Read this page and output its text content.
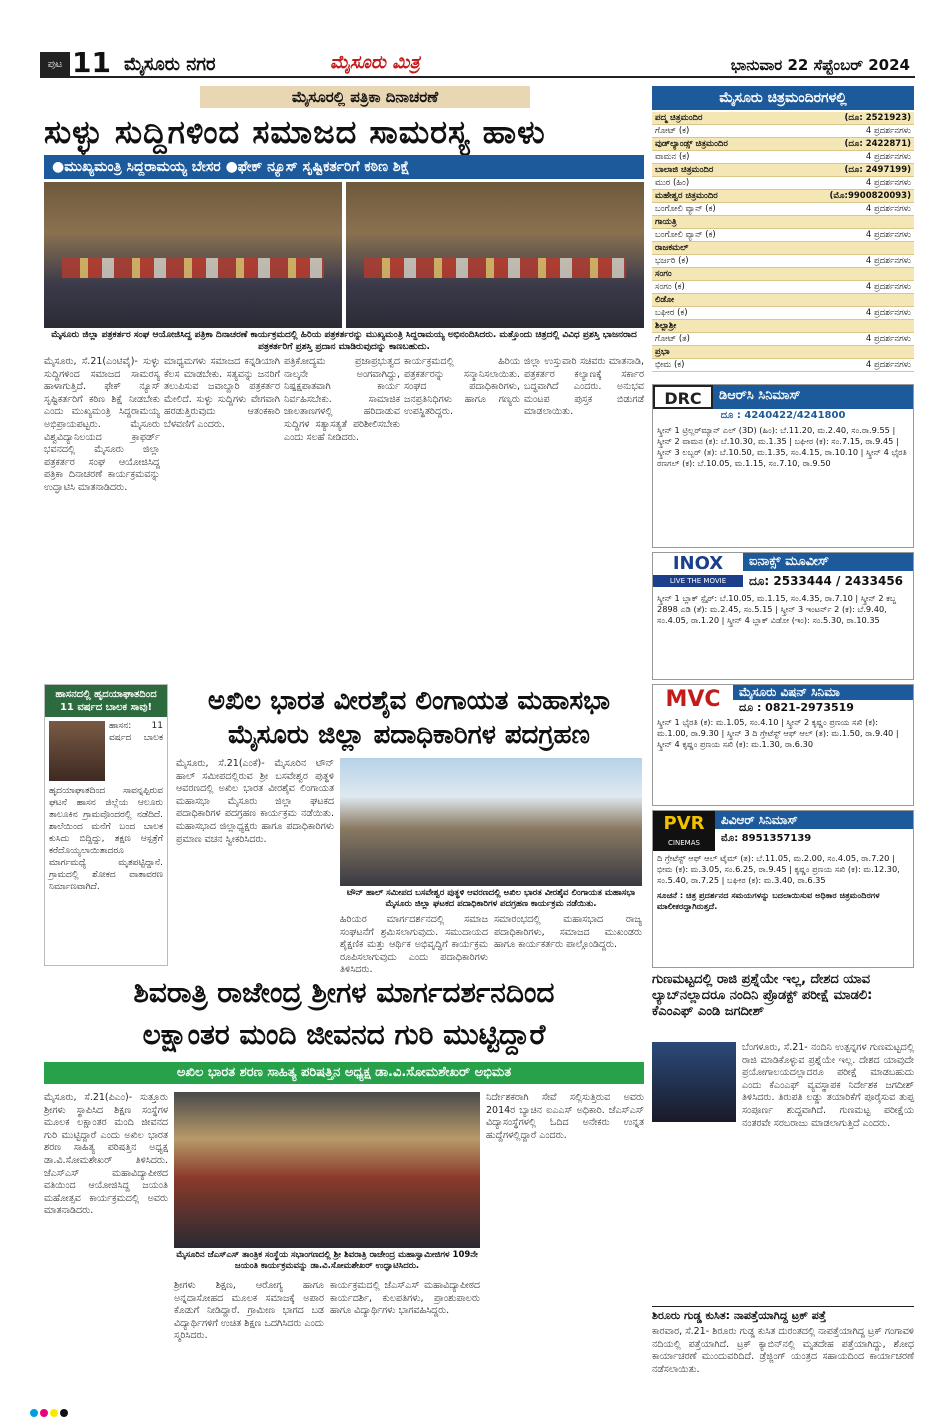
ಪುಟ 11 ಮೈಸೂರು ನಗರ	ಮೈಸೂರು ಮಿತ್ರ	ಭಾನುವಾರ 22 ಸೆಪ್ಟೆಂಬರ್ 2024
ಮೈಸೂರಲ್ಲಿ ಪತ್ರಿಕಾ ದಿನಾಚರಣೆ
ಸುಳ್ಳು ಸುದ್ದಿಗಳಿಂದ ಸಮಾಜದ ಸಾಮರಸ್ಯ ಹಾಳು
●ಮುಖ್ಯಮಂತ್ರಿ ಸಿದ್ದರಾಮಯ್ಯ ಬೇಸರ ●ಫೇಕ್ ನ್ಯೂಸ್ ಸೃಷ್ಟಿಕರ್ತರಿಗೆ ಕಠಿಣ ಶಿಕ್ಷೆ
ಮೈಸೂರು ಜಿಲ್ಲಾ ಪತ್ರಕರ್ತರ ಸಂಘ ಆಯೋಜಿಸಿದ್ದ ಪತ್ರಿಕಾ ದಿನಾಚರಣೆ ಕಾರ್ಯಕ್ರಮದಲ್ಲಿ ಹಿರಿಯ ಪತ್ರಕರ್ತರನ್ನು ಮುಖ್ಯಮಂತ್ರಿ ಸಿದ್ದರಾಮಯ್ಯ ಅಭಿನಂದಿಸಿದರು. ಮತ್ತೊಂದು ಚಿತ್ರದಲ್ಲಿ ವಿವಿಧ ಪ್ರಶಸ್ತಿ ಭಾಜನರಾದ ಪತ್ರಕರ್ತರಿಗೆ ಪ್ರಶಸ್ತಿ ಪ್ರದಾನ ಮಾಡಿರುವುದನ್ನು ಕಾಣಬಹುದು.
ಮೈಸೂರು, ಸೆ.21(ಎಂಟಿವೈ)- ಸುಳ್ಳು ಸುದ್ದಿಗಳಿಂದ ಸಮಾಜದ ಸಾಮರಸ್ಯ ಹಾಳಾಗುತ್ತಿದೆ. ಫೇಕ್ ನ್ಯೂಸ್ ಸೃಷ್ಟಿಕರ್ತರಿಗೆ ಕಠಿಣ ಶಿಕ್ಷೆ ನೀಡಬೇಕು ಎಂದು ಮುಖ್ಯಮಂತ್ರಿ ಸಿದ್ದರಾಮಯ್ಯ ಅಭಿಪ್ರಾಯಪಟ್ಟರು. ಮೈಸೂರು ವಿಶ್ವವಿದ್ಯಾನಿಲಯದ ಕ್ರಾಫರ್ಡ್ ಭವನದಲ್ಲಿ ಮೈಸೂರು ಜಿಲ್ಲಾ ಪತ್ರಕರ್ತರ ಸಂಘ ಆಯೋಜಿಸಿದ್ದ ಪತ್ರಿಕಾ ದಿನಾಚರಣೆ ಕಾರ್ಯಕ್ರಮವನ್ನು ಉದ್ಘಾಟಿಸಿ ಮಾತನಾಡಿದರು.
ಮಾಧ್ಯಮಗಳು ಸಮಾಜದ ಕನ್ನಡಿಯಾಗಿ ಕೆಲಸ ಮಾಡಬೇಕು. ಸತ್ಯವನ್ನು ಜನರಿಗೆ ತಲುಪಿಸುವ ಜವಾಬ್ದಾರಿ ಪತ್ರಕರ್ತರ ಮೇಲಿದೆ. ಸುಳ್ಳು ಸುದ್ದಿಗಳು ವೇಗವಾಗಿ ಹರಡುತ್ತಿರುವುದು ಆತಂಕಕಾರಿ ಬೆಳವಣಿಗೆ ಎಂದರು.
ಪತ್ರಿಕೋದ್ಯಮ ಪ್ರಜಾಪ್ರಭುತ್ವದ ನಾಲ್ಕನೇ ಅಂಗವಾಗಿದ್ದು, ನಿಷ್ಪಕ್ಷಪಾತವಾಗಿ ಕಾರ್ಯ ನಿರ್ವಹಿಸಬೇಕು. ಸಾಮಾಜಿಕ ಜಾಲತಾಣಗಳಲ್ಲಿ ಹರಿದಾಡುವ ಸುದ್ದಿಗಳ ಸತ್ಯಾಸತ್ಯತೆ ಪರಿಶೀಲಿಸಬೇಕು ಎಂದು ಸಲಹೆ ನೀಡಿದರು.
ಕಾರ್ಯಕ್ರಮದಲ್ಲಿ ಹಿರಿಯ ಪತ್ರಕರ್ತರನ್ನು ಸನ್ಮಾನಿಸಲಾಯಿತು. ಸಂಘದ ಪದಾಧಿಕಾರಿಗಳು, ಜನಪ್ರತಿನಿಧಿಗಳು ಹಾಗೂ ಗಣ್ಯರು ಉಪಸ್ಥಿತರಿದ್ದರು.
ಜಿಲ್ಲಾ ಉಸ್ತುವಾರಿ ಸಚಿವರು ಮಾತನಾಡಿ, ಪತ್ರಕರ್ತರ ಕಲ್ಯಾಣಕ್ಕೆ ಸರ್ಕಾರ ಬದ್ಧವಾಗಿದೆ ಎಂದರು. ಅನುಭವ ಮಂಟಪ ಪುಸ್ತಕ ಬಿಡುಗಡೆ ಮಾಡಲಾಯಿತು.
ಹಾಸನದಲ್ಲಿ ಹೃದಯಾಘಾತದಿಂದ 11 ವರ್ಷದ ಬಾಲಕ ಸಾವು!
ಹಾಸನ: 11 ವರ್ಷದ ಬಾಲಕ ಹೃದಯಾಘಾತದಿಂದ ಸಾವನ್ನಪ್ಪಿರುವ ಘಟನೆ ಹಾಸನ ಜಿಲ್ಲೆಯ ಆಲೂರು ತಾಲೂಕಿನ ಗ್ರಾಮವೊಂದರಲ್ಲಿ ನಡೆದಿದೆ. ಶಾಲೆಯಿಂದ ಮನೆಗೆ ಬಂದ ಬಾಲಕ ಕುಸಿದು ಬಿದ್ದಿದ್ದು, ತಕ್ಷಣ ಆಸ್ಪತ್ರೆಗೆ ಕರೆದೊಯ್ಯಲಾಯಿತಾದರೂ ಮಾರ್ಗಮಧ್ಯೆ ಮೃತಪಟ್ಟಿದ್ದಾನೆ. ಗ್ರಾಮದಲ್ಲಿ ಶೋಕದ ವಾತಾವರಣ ನಿರ್ಮಾಣವಾಗಿದೆ.
ಅಖಿಲ ಭಾರತ ವೀರಶೈವ ಲಿಂಗಾಯತ ಮಹಾಸಭಾ
ಮೈಸೂರು ಜಿಲ್ಲಾ ಪದಾಧಿಕಾರಿಗಳ ಪದಗ್ರಹಣ
ಮೈಸೂರು, ಸೆ.21(ಎಂಕೆ)- ಮೈಸೂರಿನ ಟೌನ್ ಹಾಲ್ ಸಮೀಪದಲ್ಲಿರುವ ಶ್ರೀ ಬಸವೇಶ್ವರ ಪುತ್ಥಳಿ ಆವರಣದಲ್ಲಿ ಅಖಿಲ ಭಾರತ ವೀರಶೈವ ಲಿಂಗಾಯತ ಮಹಾಸಭಾ ಮೈಸೂರು ಜಿಲ್ಲಾ ಘಟಕದ ಪದಾಧಿಕಾರಿಗಳ ಪದಗ್ರಹಣ ಕಾರ್ಯಕ್ರಮ ನಡೆಯಿತು. ಮಹಾಸಭಾದ ಜಿಲ್ಲಾಧ್ಯಕ್ಷರು ಹಾಗೂ ಪದಾಧಿಕಾರಿಗಳು ಪ್ರಮಾಣ ವಚನ ಸ್ವೀಕರಿಸಿದರು.
ಟೌನ್ ಹಾಲ್ ಸಮೀಪದ ಬಸವೇಶ್ವರ ಪುತ್ಥಳಿ ಆವರಣದಲ್ಲಿ ಅಖಿಲ ಭಾರತ ವೀರಶೈವ ಲಿಂಗಾಯತ ಮಹಾಸಭಾ ಮೈಸೂರು ಜಿಲ್ಲಾ ಘಟಕದ ಪದಾಧಿಕಾರಿಗಳ ಪದಗ್ರಹಣ ಕಾರ್ಯಕ್ರಮ ನಡೆಯಿತು.
ಹಿರಿಯರ ಮಾರ್ಗದರ್ಶನದಲ್ಲಿ ಸಮಾಜ ಸಂಘಟನೆಗೆ ಶ್ರಮಿಸಲಾಗುವುದು. ಸಮುದಾಯದ ಶೈಕ್ಷಣಿಕ ಮತ್ತು ಆರ್ಥಿಕ ಅಭಿವೃದ್ಧಿಗೆ ಕಾರ್ಯಕ್ರಮ ರೂಪಿಸಲಾಗುವುದು ಎಂದು ಪದಾಧಿಕಾರಿಗಳು ತಿಳಿಸಿದರು.
ಸಮಾರಂಭದಲ್ಲಿ ಮಹಾಸಭಾದ ರಾಜ್ಯ ಪದಾಧಿಕಾರಿಗಳು, ಸಮಾಜದ ಮುಖಂಡರು ಹಾಗೂ ಕಾರ್ಯಕರ್ತರು ಪಾಲ್ಗೊಂಡಿದ್ದರು.
ಶಿವರಾತ್ರಿ ರಾಜೇಂದ್ರ ಶ್ರೀಗಳ ಮಾರ್ಗದರ್ಶನದಿಂದ
ಲಕ್ಷಾಂತರ ಮಂದಿ ಜೀವನದ ಗುರಿ ಮುಟ್ಟಿದ್ದಾರೆ
ಅಖಿಲ ಭಾರತ ಶರಣ ಸಾಹಿತ್ಯ ಪರಿಷತ್ತಿನ ಅಧ್ಯಕ್ಷ ಡಾ.ವಿ.ಸೋಮಶೇಖರ್ ಅಭಿಮತ
ಮೈಸೂರು, ಸೆ.21(ಪಿಎಂ)- ಸುತ್ತೂರು ಶ್ರೀಗಳು ಸ್ಥಾಪಿಸಿದ ಶಿಕ್ಷಣ ಸಂಸ್ಥೆಗಳ ಮೂಲಕ ಲಕ್ಷಾಂತರ ಮಂದಿ ಜೀವನದ ಗುರಿ ಮುಟ್ಟಿದ್ದಾರೆ ಎಂದು ಅಖಿಲ ಭಾರತ ಶರಣ ಸಾಹಿತ್ಯ ಪರಿಷತ್ತಿನ ಅಧ್ಯಕ್ಷ ಡಾ.ವಿ.ಸೋಮಶೇಖರ್ ತಿಳಿಸಿದರು. ಜೆಎಸ್ಎಸ್ ಮಹಾವಿದ್ಯಾಪೀಠದ ವತಿಯಿಂದ ಆಯೋಜಿಸಿದ್ದ ಜಯಂತಿ ಮಹೋತ್ಸವ ಕಾರ್ಯಕ್ರಮದಲ್ಲಿ ಅವರು ಮಾತನಾಡಿದರು.
ಮೈಸೂರಿನ ಜೆಎಸ್ಎಸ್ ತಾಂತ್ರಿಕ ಸಂಸ್ಥೆಯ ಸಭಾಂಗಣದಲ್ಲಿ ಶ್ರೀ ಶಿವರಾತ್ರಿ ರಾಜೇಂದ್ರ ಮಹಾಸ್ವಾಮೀಜಿಗಳ 109ನೇ ಜಯಂತಿ ಕಾರ್ಯಕ್ರಮವನ್ನು ಡಾ.ವಿ.ಸೋಮಶೇಖರ್ ಉದ್ಘಾಟಿಸಿದರು.
ಶ್ರೀಗಳು ಶಿಕ್ಷಣ, ಆರೋಗ್ಯ ಹಾಗೂ ಅನ್ನದಾಸೋಹದ ಮೂಲಕ ಸಮಾಜಕ್ಕೆ ಅಪಾರ ಕೊಡುಗೆ ನೀಡಿದ್ದಾರೆ. ಗ್ರಾಮೀಣ ಭಾಗದ ಬಡ ವಿದ್ಯಾರ್ಥಿಗಳಿಗೆ ಉಚಿತ ಶಿಕ್ಷಣ ಒದಗಿಸಿದರು ಎಂದು ಸ್ಮರಿಸಿದರು.
ಕಾರ್ಯಕ್ರಮದಲ್ಲಿ ಜೆಎಸ್ಎಸ್ ಮಹಾವಿದ್ಯಾಪೀಠದ ಕಾರ್ಯದರ್ಶಿ, ಕುಲಪತಿಗಳು, ಪ್ರಾಂಶುಪಾಲರು ಹಾಗೂ ವಿದ್ಯಾರ್ಥಿಗಳು ಭಾಗವಹಿಸಿದ್ದರು.
ನಿರ್ದೇಶಕರಾಗಿ ಸೇವೆ ಸಲ್ಲಿಸುತ್ತಿರುವ ಅವರು 2014ರ ಬ್ಯಾಚಿನ ಐಎಎಸ್ ಅಧಿಕಾರಿ. ಜೆಎಸ್ಎಸ್ ವಿದ್ಯಾಸಂಸ್ಥೆಗಳಲ್ಲಿ ಓದಿದ ಅನೇಕರು ಉನ್ನತ ಹುದ್ದೆಗಳಲ್ಲಿದ್ದಾರೆ ಎಂದರು.
ಮೈಸೂರು ಚಿತ್ರಮಂದಿರಗಳಲ್ಲಿ
ಪದ್ಮ ಚಿತ್ರಮಂದಿರ	(ದೂ: 2521923)
ಗೋಟ್ (ಕ)	4 ಪ್ರದರ್ಶನಗಳು
ವುಡ್‌ಲ್ಯಾಂಡ್ಸ್ ಚಿತ್ರಮಂದಿರ	(ದೂ: 2422871)
ವಾಮನ (ಕ)	4 ಪ್ರದರ್ಶನಗಳು
ಬಾಲಾಜಿ ಚಿತ್ರಮಂದಿರ	(ದೂ: 2497199)
ಮುರ (ಹಿಂ)	4 ಪ್ರದರ್ಶನಗಳು
ಮಹೇಶ್ವರ ಚಿತ್ರಮಂದಿರ	(ಮೊ:9900820093)
ಬಂಗೋಲಿ ವ್ಯಾನ್ (ಕ)	4 ಪ್ರದರ್ಶನಗಳು
ಗಾಯತ್ರಿ	
ಬಂಗೋಲಿ ವ್ಯಾನ್ (ಕ)	4 ಪ್ರದರ್ಶನಗಳು
ರಾಜಕಮಲ್	
ಭರ್ಜರಿ (ಕ)	4 ಪ್ರದರ್ಶನಗಳು
ಸಂಗಂ	
ಸಂಗಂ (ಕ)	4 ಪ್ರದರ್ಶನಗಳು
ಲಿಡೋ	
ಬಘೀರ (ಕ)	4 ಪ್ರದರ್ಶನಗಳು
ಶಿಲ್ಪಾಶ್ರೀ	
ಗೋಟ್ (ತ)	4 ಪ್ರದರ್ಶನಗಳು
ಪ್ರಭಾ	
ಭೀಮ (ಕ)	4 ಪ್ರದರ್ಶನಗಳು
DRC	ಡಿಆರ್‌ಸಿ ಸಿನಿಮಾಸ್
ದೂ : 4240422/4241800
ಸ್ಕ್ರೀನ್ 1 ಟ್ರಿಲ್ಲರ್‌ಮ್ಯಾನ್ ಎಲ್ (3D) (ಹಿಂ): ಬೆ.11.20, ಮ.2.40, ಸಂ.ರಾ.9.55 | ಸ್ಕ್ರೀನ್ 2 ವಾಮನ (ಕ): ಬೆ.10.30, ಮ.1.35 | ಬಘೀರ (ಕ): ಸಂ.7.15, ರಾ.9.45 | ಸ್ಕ್ರೀನ್ 3 ಲಬ್ಬರ್ (ತ): ಬೆ.10.50, ಮ.1.35, ಸಂ.4.15, ರಾ.10.10 | ಸ್ಕ್ರೀನ್ 4 ಭೈರತಿ ರಣಗಲ್ (ಕ): ಬೆ.10.05, ಮ.1.15, ಸಂ.7.10, ರಾ.9.50
INOX
LIVE THE MOVIE
ಐನಾಕ್ಸ್ ಮೂವೀಸ್
ದೂ: 2533444 / 2433456
ಸ್ಕ್ರೀನ್ 1 ಬ್ಲಾಕ್ ಸ್ಪೈರ್: ಬೆ.10.05, ಮ.1.15, ಸಂ.4.35, ರಾ.7.10 | ಸ್ಕ್ರೀನ್ 2 ಕಬ್ಜ 2898 ಎಡಿ (ತೆ): ಮ.2.45, ಸಂ.5.15 | ಸ್ಕ್ರೀನ್ 3 ಇಂಟರ್ನ್ 2 (ಕ): ಬೆ.9.40, ಸಂ.4.05, ರಾ.1.20 | ಸ್ಕ್ರೀನ್ 4 ಬ್ಲಾಕ್ ವಿಡೋ (ಇಂ): ಸಂ.5.30, ರಾ.10.35
MVC	ಮೈಸೂರು ವಿಷನ್ ಸಿನಿಮಾ
ದೂ : 0821-2973519
ಸ್ಕ್ರೀನ್ 1 ಭೈರತಿ (ಕ): ಮ.1.05, ಸಂ.4.10 | ಸ್ಕ್ರೀನ್ 2 ಕೃಷ್ಣಂ ಪ್ರಣಯ ಸಖಿ (ಕ): ಮ.1.00, ರಾ.9.30 | ಸ್ಕ್ರೀನ್ 3 ದಿ ಗ್ರೇಟೆಸ್ಟ್ ಆಫ್ ಆಲ್ (ತ): ಮ.1.50, ರಾ.9.40 | ಸ್ಕ್ರೀನ್ 4 ಕೃಷ್ಣಂ ಪ್ರಣಯ ಸಖಿ (ಕ): ಮ.1.30, ರಾ.6.30
PVR
CINEMAS
ಪಿವಿಆರ್ ಸಿನಿಮಾಸ್
ಮೊ: 8951357139
ದಿ ಗ್ರೇಟೆಸ್ಟ್ ಆಫ್ ಆಲ್ ಟೈಮ್ (ತ): ಬೆ.11.05, ಮ.2.00, ಸಂ.4.05, ರಾ.7.20 | ಭೀಮ (ಕ): ಮ.3.05, ಸಂ.6.25, ರಾ.9.45 | ಕೃಷ್ಣಂ ಪ್ರಣಯ ಸಖಿ (ಕ): ಮ.12.30, ಸಂ.5.40, ರಾ.7.25 | ಬಘೀರ (ಕ): ಮ.3.40, ರಾ.6.35
ಸೂಚನೆ : ಚಿತ್ರ ಪ್ರದರ್ಶನದ ಸಮಯಗಳನ್ನು ಬದಲಾಯಿಸುವ ಅಧಿಕಾರ ಚಿತ್ರಮಂದಿರಗಳ ಮಾಲೀಕರದ್ದಾಗಿರುತ್ತದೆ.
ಗುಣಮಟ್ಟದಲ್ಲಿ ರಾಜಿ ಪ್ರಶ್ನೆಯೇ ಇಲ್ಲ, ದೇಶದ ಯಾವ ಲ್ಯಾಬ್‌ನಲ್ಲಾದರೂ ನಂದಿನಿ ಪ್ರೊಡಕ್ಟ್ ಪರೀಕ್ಷೆ ಮಾಡಲಿ: ಕೆಎಂಎಫ್ ಎಂಡಿ ಜಗದೀಶ್
ಬೆಂಗಳೂರು, ಸೆ.21- ನಂದಿನಿ ಉತ್ಪನ್ನಗಳ ಗುಣಮಟ್ಟದಲ್ಲಿ ರಾಜಿ ಮಾಡಿಕೊಳ್ಳುವ ಪ್ರಶ್ನೆಯೇ ಇಲ್ಲ. ದೇಶದ ಯಾವುದೇ ಪ್ರಯೋಗಾಲಯದಲ್ಲಾದರೂ ಪರೀಕ್ಷೆ ಮಾಡಬಹುದು ಎಂದು ಕೆಎಂಎಫ್ ವ್ಯವಸ್ಥಾಪಕ ನಿರ್ದೇಶಕ ಜಗದೀಶ್ ತಿಳಿಸಿದರು. ತಿರುಪತಿ ಲಡ್ಡು ತಯಾರಿಕೆಗೆ ಪೂರೈಸುವ ತುಪ್ಪ ಸಂಪೂರ್ಣ ಶುದ್ಧವಾಗಿದೆ. ಗುಣಮಟ್ಟ ಪರೀಕ್ಷೆಯ ನಂತರವೇ ಸರಬರಾಜು ಮಾಡಲಾಗುತ್ತಿದೆ ಎಂದರು.
ಶಿರೂರು ಗುಡ್ಡ ಕುಸಿತ: ನಾಪತ್ತೆಯಾಗಿದ್ದ ಟ್ರಕ್ ಪತ್ತೆ
ಕಾರವಾರ, ಸೆ.21- ಶಿರೂರು ಗುಡ್ಡ ಕುಸಿತ ದುರಂತದಲ್ಲಿ ನಾಪತ್ತೆಯಾಗಿದ್ದ ಟ್ರಕ್ ಗಂಗಾವಳಿ ನದಿಯಲ್ಲಿ ಪತ್ತೆಯಾಗಿದೆ. ಟ್ರಕ್ ಕ್ಯಾಬಿನ್‌ನಲ್ಲಿ ಮೃತದೇಹ ಪತ್ತೆಯಾಗಿದ್ದು, ಶೋಧ ಕಾರ್ಯಾಚರಣೆ ಮುಂದುವರಿದಿದೆ. ಡ್ರೆಜ್ಜಿಂಗ್ ಯಂತ್ರದ ಸಹಾಯದಿಂದ ಕಾರ್ಯಾಚರಣೆ ನಡೆಸಲಾಯಿತು.
